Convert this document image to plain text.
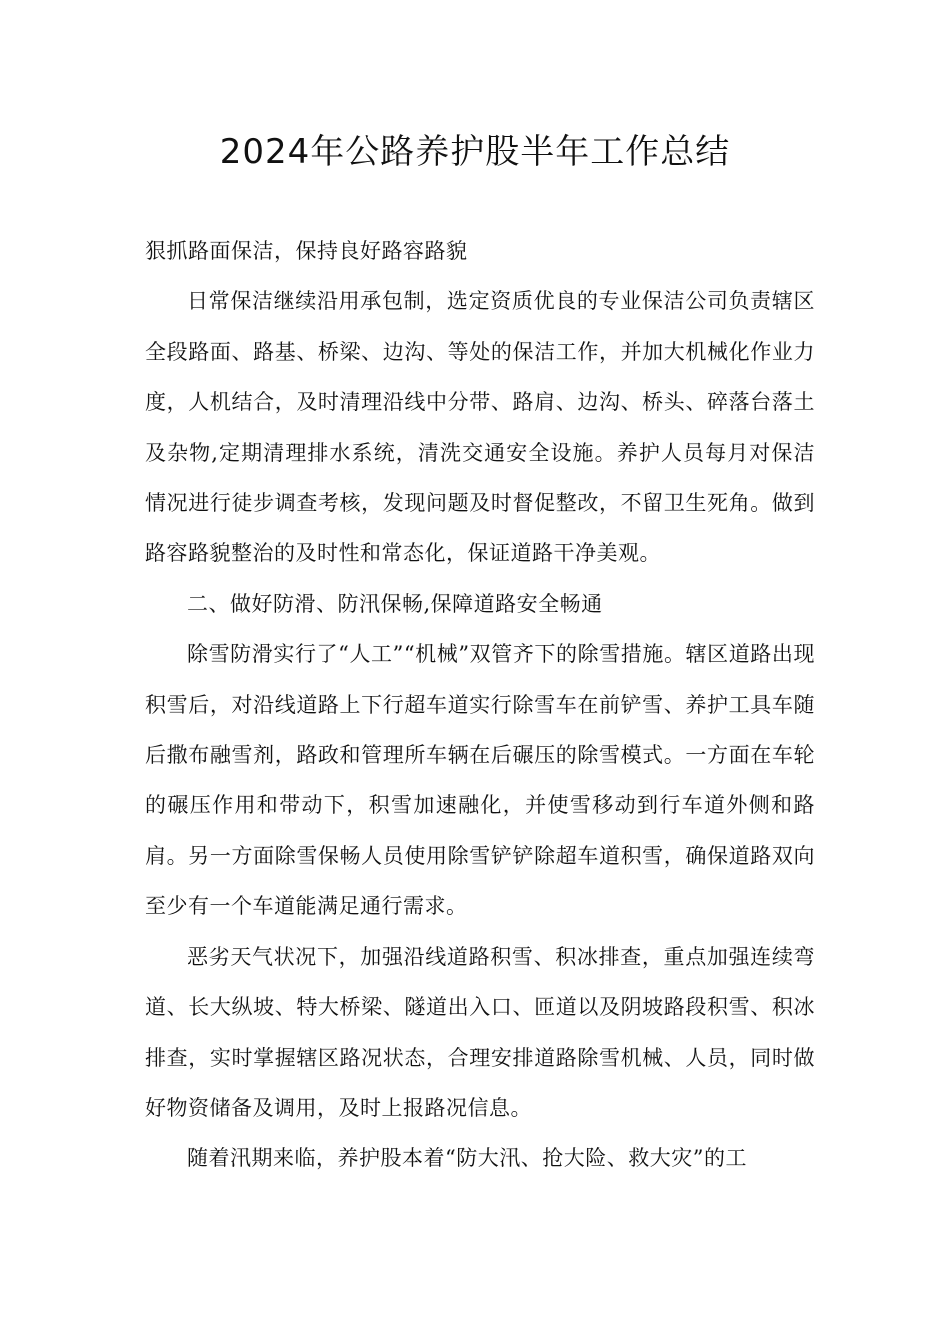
2024年公路养护股半年工作总结

狠抓路面保洁，保持良好路容路貌

日常保洁继续沿用承包制，选定资质优良的专业保洁公司负责辖区全段路面、路基、桥梁、边沟、等处的保洁工作，并加大机械化作业力度，人机结合，及时清理沿线中分带、路肩、边沟、桥头、碎落台落土及杂物,定期清理排水系统，清洗交通安全设施。养护人员每月对保洁情况进行徒步调查考核，发现问题及时督促整改，不留卫生死角。做到路容路貌整治的及时性和常态化，保证道路干净美观。

二、做好防滑、防汛保畅,保障道路安全畅通

除雪防滑实行了“人工”“机械”双管齐下的除雪措施。辖区道路出现积雪后，对沿线道路上下行超车道实行除雪车在前铲雪、养护工具车随后撒布融雪剂，路政和管理所车辆在后碾压的除雪模式。一方面在车轮的碾压作用和带动下，积雪加速融化，并使雪移动到行车道外侧和路肩。另一方面除雪保畅人员使用除雪铲铲除超车道积雪，确保道路双向至少有一个车道能满足通行需求。

恶劣天气状况下，加强沿线道路积雪、积冰排查，重点加强连续弯道、长大纵坡、特大桥梁、隧道出入口、匝道以及阴坡路段积雪、积冰排查，实时掌握辖区路况状态，合理安排道路除雪机械、人员，同时做好物资储备及调用，及时上报路况信息。

随着汛期来临，养护股本着“防大汛、抢大险、救大灾”的工
